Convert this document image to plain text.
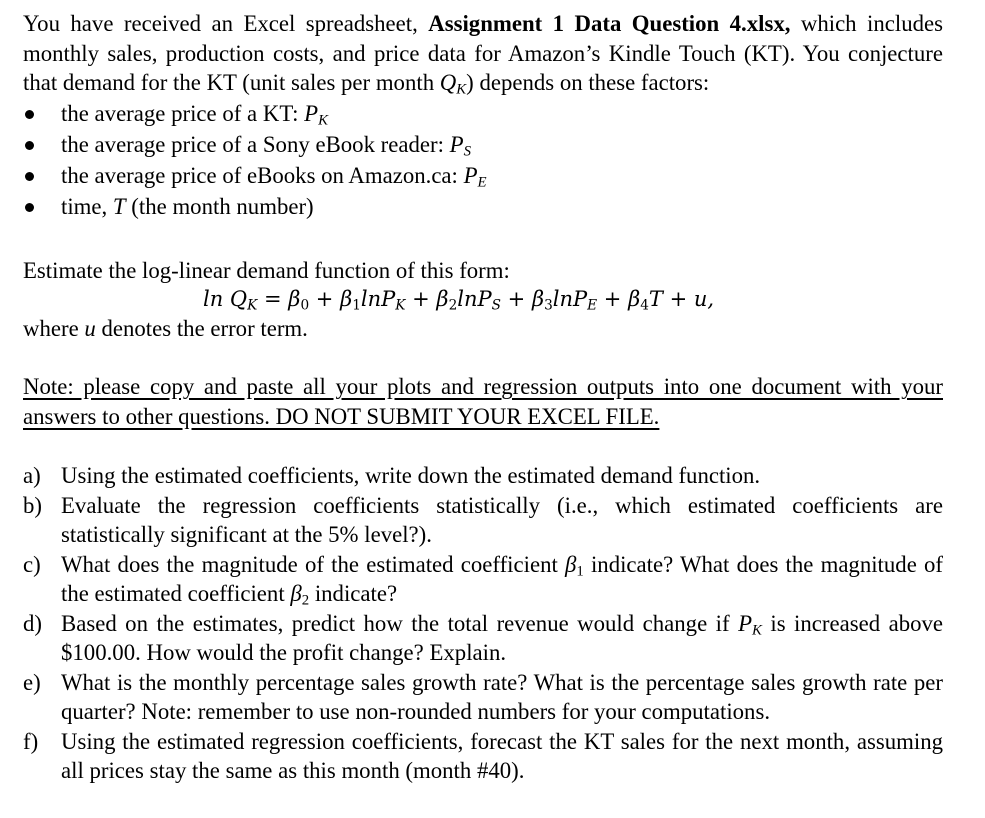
You have received an Excel spreadsheet, Assignment 1 Data Question 4.xlsx, which includes monthly sales, production costs, and price data for Amazon’s Kindle Touch (KT). You conjecture that demand for the KT (unit sales per month $Q_K$) depends on these factors:

the average price of a KT: $P_K$
the average price of a Sony eBook reader: $P_S$
the average price of eBooks on Amazon.ca: $P_E$
time, T (the month number)

Estimate the log-linear demand function of this form:

$\ln Q_K = \beta_0 + \beta_1\ln P_K + \beta_2\ln P_S + \beta_3\ln P_E + \beta_4T + u$,

where u denotes the error term.

Note: please copy and paste all your plots and regression outputs into one document with your answers to other questions. DO NOT SUBMIT YOUR EXCEL FILE.

a) Using the estimated coefficients, write down the estimated demand function.
b) Evaluate the regression coefficients statistically (i.e., which estimated coefficients are statistically significant at the 5% level?).
c) What does the magnitude of the estimated coefficient $\beta_1$ indicate? What does the magnitude of the estimated coefficient $\beta_2$ indicate?
d) Based on the estimates, predict how the total revenue would change if $P_K$ is increased above $100.00. How would the profit change? Explain.
e) What is the monthly percentage sales growth rate? What is the percentage sales growth rate per quarter? Note: remember to use non-rounded numbers for your computations.
f) Using the estimated regression coefficients, forecast the KT sales for the next month, assuming all prices stay the same as this month (month #40).
